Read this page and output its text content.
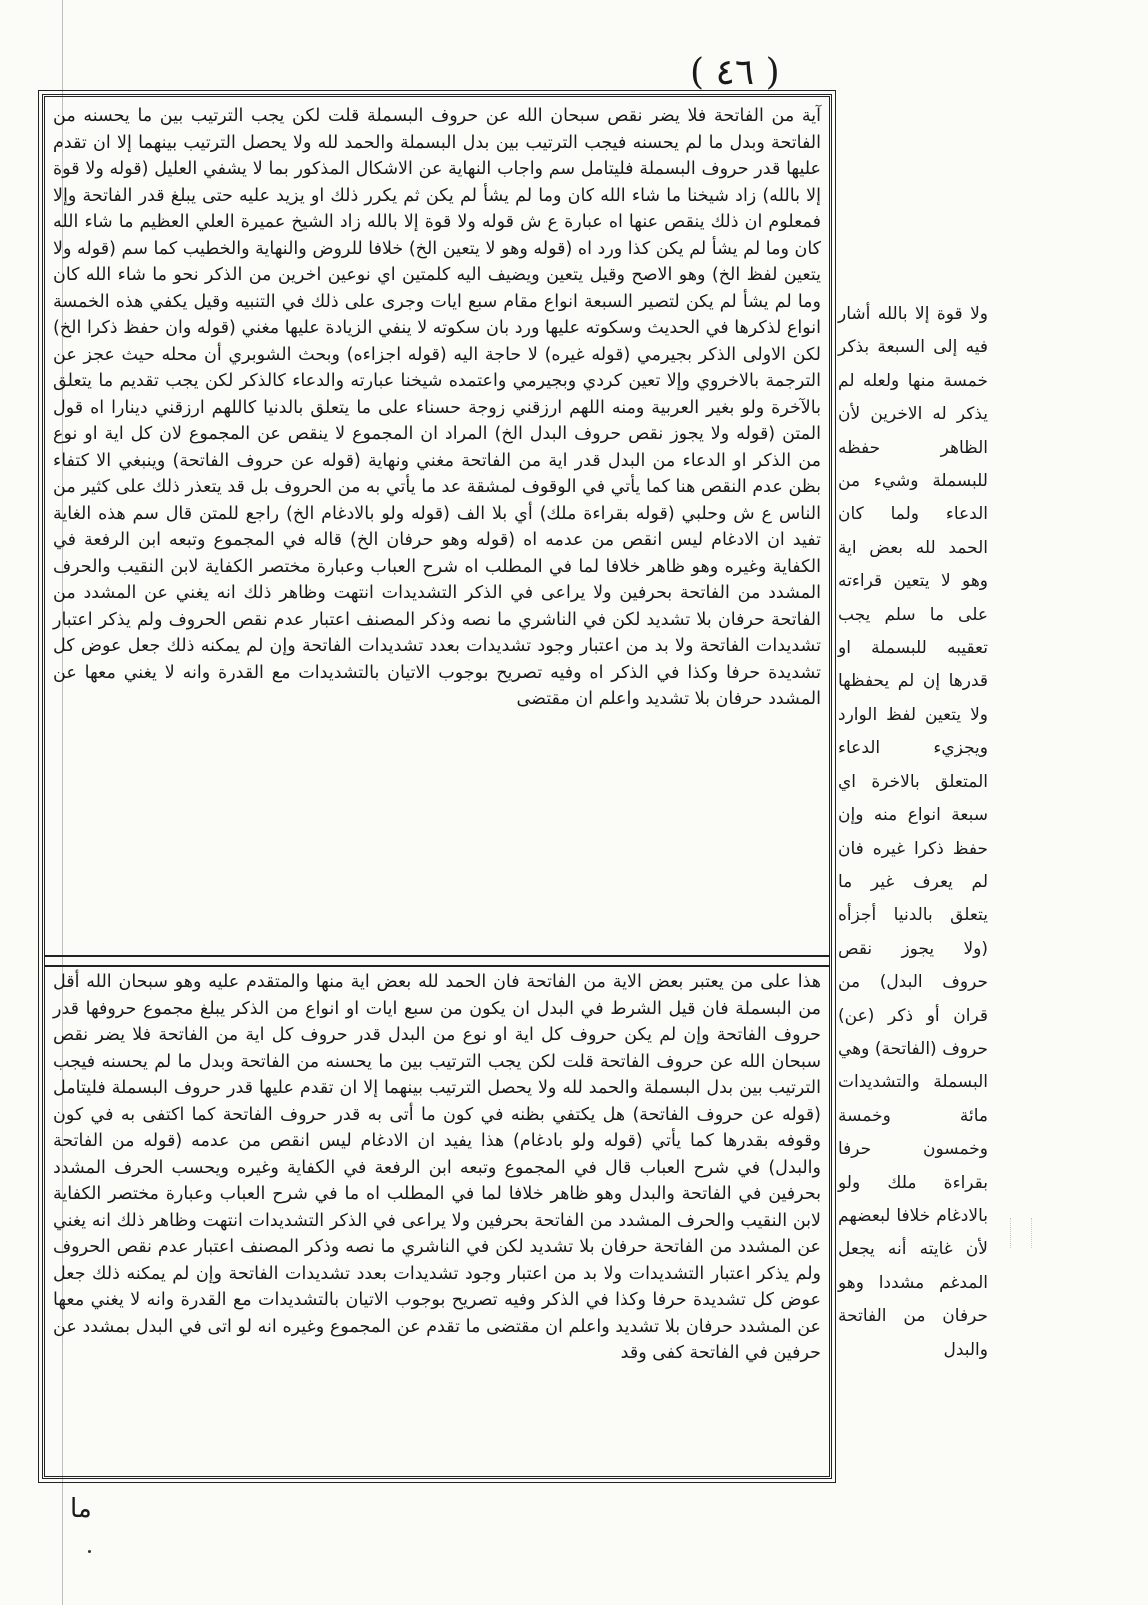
( ٤٦ )

آية من الفاتحة فلا يضر نقص سبحان الله عن حروف البسملة قلت لكن يجب الترتيب بين ما يحسنه من الفاتحة وبدل ما لم يحسنه فيجب الترتيب بين بدل البسملة والحمد لله ولا يحصل الترتيب بينهما إلا ان تقدم عليها قدر حروف البسملة فليتامل سم واجاب النهاية عن الاشكال المذكور بما لا يشفي العليل (قوله ولا قوة إلا بالله) زاد شيخنا ما شاء الله كان وما لم يشأ لم يكن ثم يكرر ذلك او يزيد عليه حتى يبلغ قدر الفاتحة وإلا فمعلوم ان ذلك ينقص عنها اه عبارة ع ش قوله ولا قوة إلا بالله زاد الشيخ عميرة العلي العظيم ما شاء الله كان وما لم يشأ لم يكن كذا ورد اه (قوله وهو لا يتعين الخ) خلافا للروض والنهاية والخطيب كما سم (قوله ولا يتعين لفظ الخ) وهو الاصح وقيل يتعين ويضيف اليه كلمتين اي نوعين اخرين من الذكر نحو ما شاء الله كان وما لم يشأ لم يكن لتصير السبعة انواع مقام سبع ايات وجرى على ذلك في التنبيه وقيل يكفي هذه الخمسة انواع لذكرها في الحديث وسكوته عليها ورد بان سكوته لا ينفي الزيادة عليها مغني (قوله وان حفظ ذكرا الخ) لكن الاولى الذكر بجيرمي (قوله غيره) لا حاجة اليه (قوله اجزاءه) وبحث الشوبري أن محله حيث عجز عن الترجمة بالاخروي وإلا تعين كردي وبجيرمي واعتمده شيخنا عبارته والدعاء كالذكر لكن يجب تقديم ما يتعلق بالآخرة ولو بغير العربية ومنه اللهم ارزقني زوجة حسناء على ما يتعلق بالدنيا كاللهم ارزقني دينارا اه قول المتن (قوله ولا يجوز نقص حروف البدل الخ) المراد ان المجموع لا ينقص عن المجموع لان كل اية او نوع من الذكر او الدعاء من البدل قدر اية من الفاتحة مغني ونهاية (قوله عن حروف الفاتحة) وينبغي الا كتفاء بظن عدم النقص هنا كما يأتي في الوقوف لمشقة عد ما يأتي به من الحروف بل قد يتعذر ذلك على كثير من الناس ع ش وحلبي (قوله بقراءة ملك) أي بلا الف (قوله ولو بالادغام الخ) راجع للمتن قال سم هذه الغاية تفيد ان الادغام ليس انقص من عدمه اه (قوله وهو حرفان الخ) قاله في المجموع وتبعه ابن الرفعة في الكفاية وغيره وهو ظاهر خلافا لما في المطلب اه شرح العباب وعبارة مختصر الكفاية لابن النقيب والحرف المشدد من الفاتحة بحرفين ولا يراعى في الذكر التشديدات انتهت وظاهر ذلك انه يغني عن المشدد من الفاتحة حرفان بلا تشديد لكن في الناشري ما نصه وذكر المصنف اعتبار عدم نقص الحروف ولم يذكر اعتبار تشديدات الفاتحة ولا بد من اعتبار وجود تشديدات بعدد تشديدات الفاتحة وإن لم يمكنه ذلك جعل عوض كل تشديدة حرفا وكذا في الذكر اه وفيه تصريح بوجوب الاتيان بالتشديدات مع القدرة وانه لا يغني معها عن المشدد حرفان بلا تشديد واعلم ان مقتضى

هذا على من يعتبر بعض الاية من الفاتحة فان الحمد لله بعض اية منها والمتقدم عليه وهو سبحان الله أقل من البسملة فان قيل الشرط في البدل ان يكون من سبع ايات او انواع من الذكر يبلغ مجموع حروفها قدر حروف الفاتحة وإن لم يكن حروف كل اية او نوع من البدل قدر حروف كل اية من الفاتحة فلا يضر نقص سبحان الله عن حروف الفاتحة قلت لكن يجب الترتيب بين ما يحسنه من الفاتحة وبدل ما لم يحسنه فيجب الترتيب بين بدل البسملة والحمد لله ولا يحصل الترتيب بينهما إلا ان تقدم عليها قدر حروف البسملة فليتامل (قوله عن حروف الفاتحة) هل يكتفي بظنه في كون ما أتى به قدر حروف الفاتحة كما اكتفى به في كون وقوفه بقدرها كما يأتي (قوله ولو بادغام) هذا يفيد ان الادغام ليس انقص من عدمه (قوله من الفاتحة والبدل) في شرح العباب قال في المجموع وتبعه ابن الرفعة في الكفاية وغيره ويحسب الحرف المشدد بحرفين في الفاتحة والبدل وهو ظاهر خلافا لما في المطلب اه ما في شرح العباب وعبارة مختصر الكفاية لابن النقيب والحرف المشدد من الفاتحة بحرفين ولا يراعى في الذكر التشديدات انتهت وظاهر ذلك انه يغني عن المشدد من الفاتحة حرفان بلا تشديد لكن في الناشري ما نصه وذكر المصنف اعتبار عدم نقص الحروف ولم يذكر اعتبار التشديدات ولا بد من اعتبار وجود تشديدات بعدد تشديدات الفاتحة وإن لم يمكنه ذلك جعل عوض كل تشديدة حرفا وكذا في الذكر وفيه تصريح بوجوب الاتيان بالتشديدات مع القدرة وانه لا يغني معها عن المشدد حرفان بلا تشديد واعلم ان مقتضى ما تقدم عن المجموع وغيره انه لو اتى في البدل بمشدد عن حرفين في الفاتحة كفى وقد

ولا قوة إلا بالله أشار فيه إلى السبعة بذكر خمسة منها ولعله لم يذكر له الاخرين لأن الظاهر حفظه للبسملة وشيء من الدعاء ولما كان الحمد لله بعض اية وهو لا يتعين قراءته على ما سلم يجب تعقيبه للبسملة او قدرها إن لم يحفظها ولا يتعين لفظ الوارد ويجزيء الدعاء المتعلق بالاخرة اي سبعة انواع منه وإن حفظ ذكرا غيره فان لم يعرف غير ما يتعلق بالدنيا أجزأه (ولا يجوز نقص حروف البدل) من قران أو ذكر (عن) حروف (الفاتحة) وهي البسملة والتشديدات مائة وخمسة وخمسون حرفا بقراءة ملك ولو بالادغام خلافا لبعضهم لأن غايته أنه يجعل المدغم مشددا وهو حرفان من الفاتحة والبدل

ما
